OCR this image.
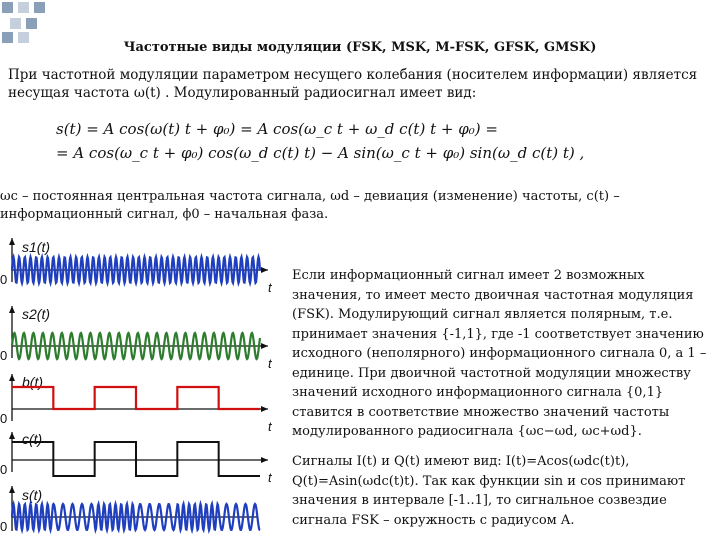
Частотные виды модуляции (FSK, MSK, M-FSK, GFSK, GMSK)
При частотной модуляции параметром несущего колебания (носителем информации) является несущая частота ω(t) . Модулированный радиосигнал имеет вид:
s(t) = A cos(ω(t) t + φ₀) = A cos(ω_c t + ω_d c(t) t + φ₀) =
= A cos(ω_c t + φ₀) cos(ω_d c(t) t) − A sin(ω_c t + φ₀) sin(ω_d c(t) t) ,
ωc – постоянная центральная частота сигнала, ωd – девиация (изменение) частоты, c(t) – информационный сигнал, ϕ0 – начальная фаза.
s1(t)
0
t
s2(t)
0
t
b(t)
0
t
c(t)
0
t
s(t)
0
Если информационный сигнал имеет 2 возможных значения, то имеет место двоичная частотная модуляция (FSK). Модулирующий сигнал является полярным, т.е. принимает значения {-1,1}, где -1 соответствует значению исходного (неполярного) информационного сигнала 0, а 1 – единице. При двоичной частотной модуляции множеству значений исходного информационного сигнала {0,1} ставится в соответствие множество значений частоты модулированного радиосигнала {ωc−ωd, ωc+ωd}.
Сигналы I(t) и Q(t) имеют вид: I(t)=Acos(ωdc(t)t), Q(t)=Asin(ωdc(t)t). Так как функции sin и cos принимают значения в интервале [-1..1], то сигнальное созвездие сигнала FSK – окружность с радиусом A.
